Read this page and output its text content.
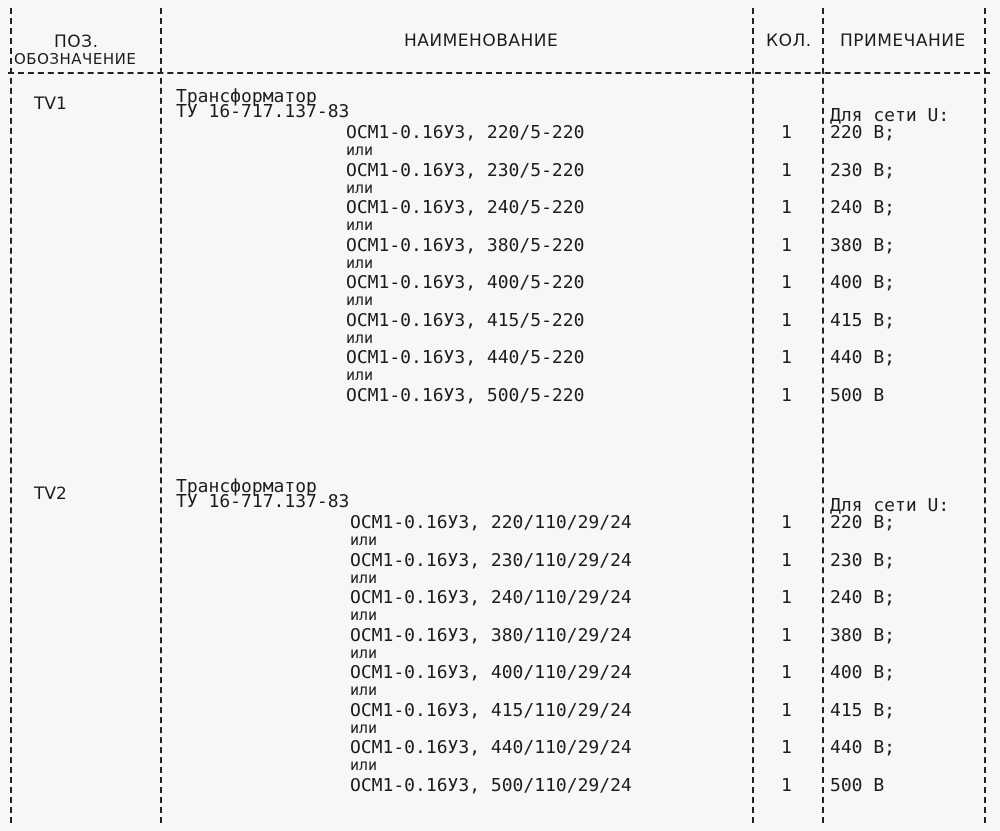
ПОЗ.
ОБОЗНАЧЕНИЕ
НАИМЕНОВАНИЕ	КОЛ. ПРИМЕЧАНИЕ
TV1	Трансформатор
ТУ 16-717.137-83	Для сети U:
ОСМ1-0.16У3, 220/5-220	1 220 В;
или
ОСМ1-0.16У3, 230/5-220	1 230 В;
или
ОСМ1-0.16У3, 240/5-220	1 240 В;
или
ОСМ1-0.16У3, 380/5-220	1 380 В;
или
ОСМ1-0.16У3, 400/5-220	1 400 В;
или
ОСМ1-0.16У3, 415/5-220	1 415 В;
или
ОСМ1-0.16У3, 440/5-220	1 440 В;
или
ОСМ1-0.16У3, 500/5-220	1 500 В
TV2	Трансформатор
ТУ 16-717.137-83	Для сети U:
ОСМ1-0.16У3, 220/110/29/24	1 220 В;
или
ОСМ1-0.16У3, 230/110/29/24	1 230 В;
или
ОСМ1-0.16У3, 240/110/29/24	1 240 В;
или
ОСМ1-0.16У3, 380/110/29/24	1 380 В;
или
ОСМ1-0.16У3, 400/110/29/24	1 400 В;
или
ОСМ1-0.16У3, 415/110/29/24	1 415 В;
или
ОСМ1-0.16У3, 440/110/29/24	1 440 В;
или
ОСМ1-0.16У3, 500/110/29/24	1 500 В
